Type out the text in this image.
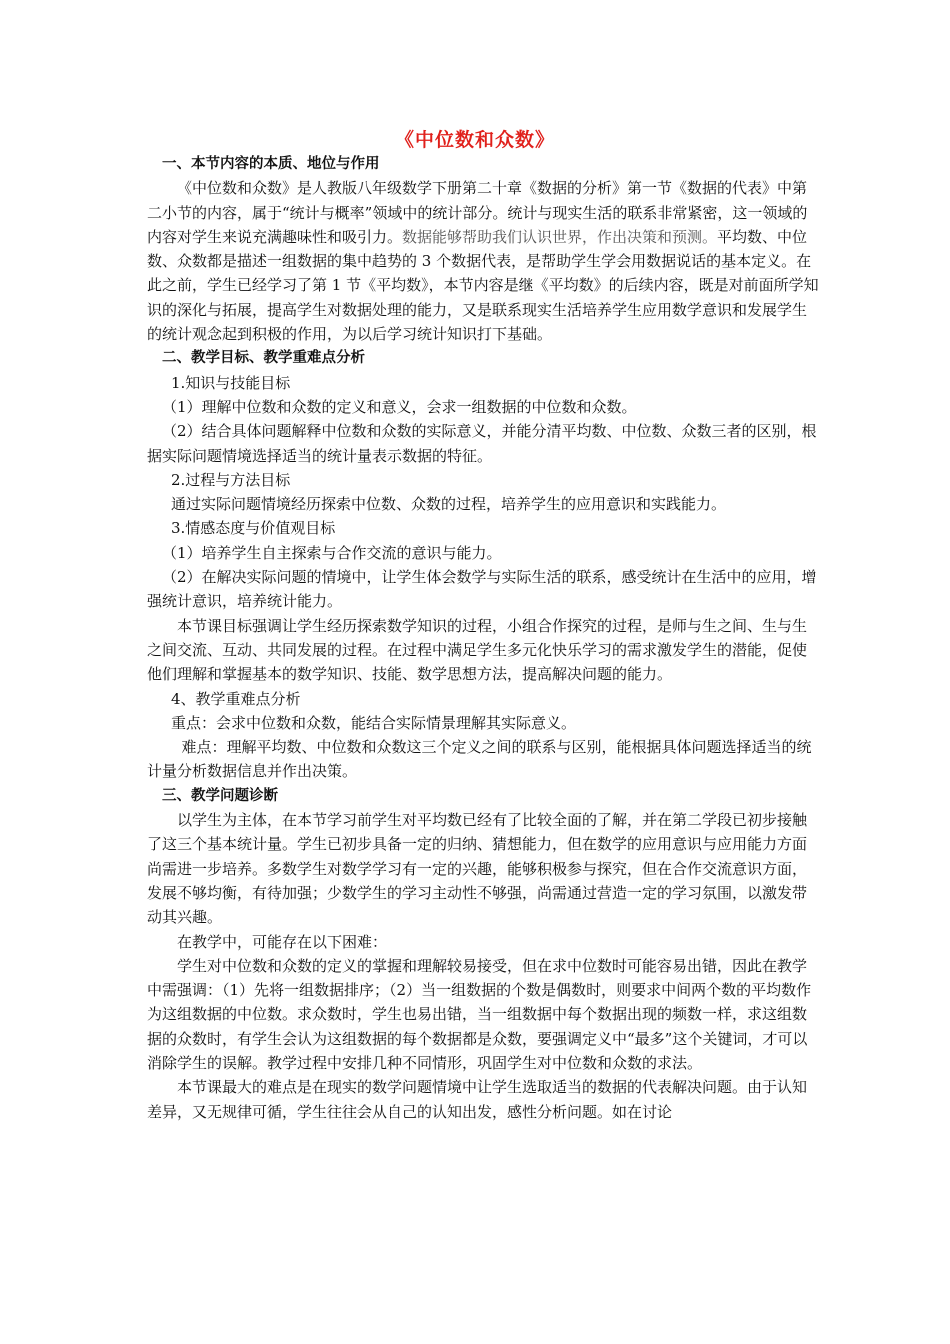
《中位数和众数》

一、本节内容的本质、地位与作用

《中位数和众数》是人教版八年级数学下册第二十章《数据的分析》第一节《数据的代表》中第二小节的内容，属于“统计与概率”领域中的统计部分。统计与现实生活的联系非常紧密，这一领域的内容对学生来说充满趣味性和吸引力。数据能够帮助我们认识世界，作出决策和预测。平均数、中位数、众数都是描述一组数据的集中趋势的 3 个数据代表，是帮助学生学会用数据说话的基本定义。在此之前，学生已经学习了第 1 节《平均数》，本节内容是继《平均数》的后续内容，既是对前面所学知识的深化与拓展，提高学生对数据处理的能力，又是联系现实生活培养学生应用数学意识和发展学生的统计观念起到积极的作用，为以后学习统计知识打下基础。

二、教学目标、教学重难点分析

1.知识与技能目标

（1）理解中位数和众数的定义和意义，会求一组数据的中位数和众数。

（2）结合具体问题解释中位数和众数的实际意义，并能分清平均数、中位数、众数三者的区别，根据实际问题情境选择适当的统计量表示数据的特征。

2.过程与方法目标

通过实际问题情境经历探索中位数、众数的过程，培养学生的应用意识和实践能力。

3.情感态度与价值观目标

（1）培养学生自主探索与合作交流的意识与能力。

（2）在解决实际问题的情境中，让学生体会数学与实际生活的联系，感受统计在生活中的应用，增强统计意识，培养统计能力。

本节课目标强调让学生经历探索数学知识的过程，小组合作探究的过程，是师与生之间、生与生之间交流、互动、共同发展的过程。在过程中满足学生多元化快乐学习的需求激发学生的潜能，促使他们理解和掌握基本的数学知识、技能、数学思想方法，提高解决问题的能力。

4、教学重难点分析

重点：会求中位数和众数，能结合实际情景理解其实际意义。

难点：理解平均数、中位数和众数这三个定义之间的联系与区别，能根据具体问题选择适当的统计量分析数据信息并作出决策。

三、教学问题诊断

以学生为主体，在本节学习前学生对平均数已经有了比较全面的了解，并在第二学段已初步接触了这三个基本统计量。学生已初步具备一定的归纳、猜想能力，但在数学的应用意识与应用能力方面尚需进一步培养。多数学生对数学学习有一定的兴趣，能够积极参与探究，但在合作交流意识方面，发展不够均衡，有待加强；少数学生的学习主动性不够强，尚需通过营造一定的学习氛围，以激发带动其兴趣。

在教学中，可能存在以下困难：

学生对中位数和众数的定义的掌握和理解较易接受，但在求中位数时可能容易出错，因此在教学中需强调：（1）先将一组数据排序；（2）当一组数据的个数是偶数时，则要求中间两个数的平均数作为这组数据的中位数。求众数时，学生也易出错，当一组数据中每个数据出现的频数一样，求这组数据的众数时，有学生会认为这组数据的每个数据都是众数，要强调定义中“最多”这个关键词，才可以消除学生的误解。教学过程中安排几种不同情形，巩固学生对中位数和众数的求法。

本节课最大的难点是在现实的数学问题情境中让学生选取适当的数据的代表解决问题。由于认知差异，又无规律可循，学生往往会从自己的认知出发，感性分析问题。如在讨论
